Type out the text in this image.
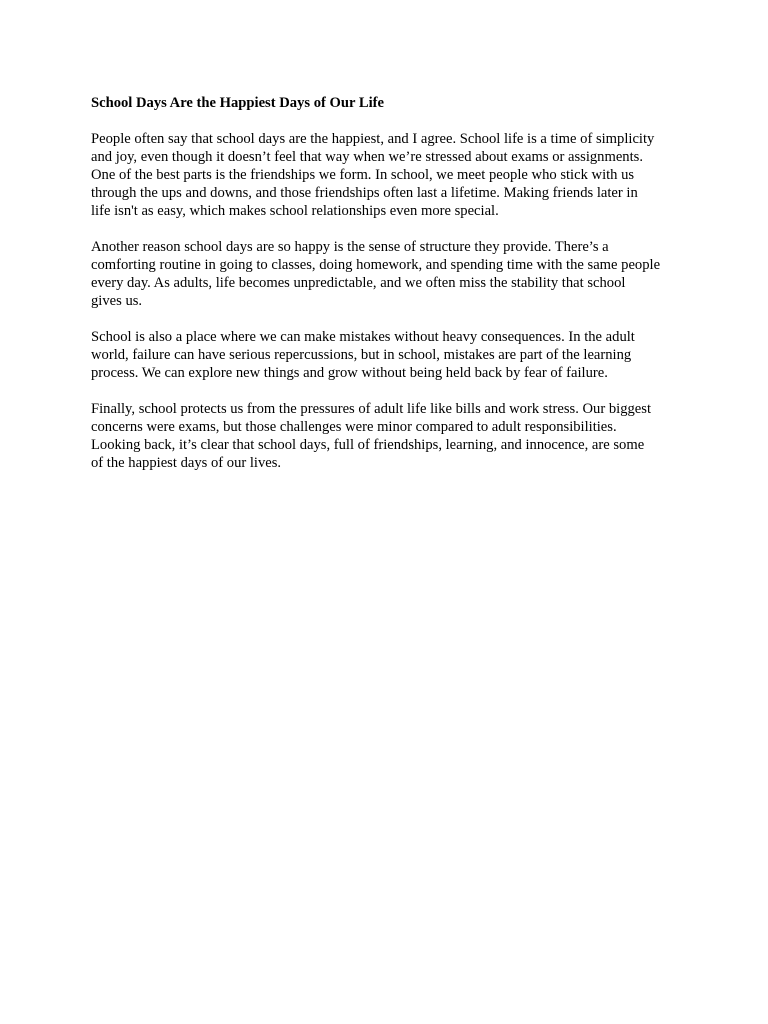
School Days Are the Happiest Days of Our Life
People often say that school days are the happiest, and I agree. School life is a time of simplicity
and joy, even though it doesn’t feel that way when we’re stressed about exams or assignments.
One of the best parts is the friendships we form. In school, we meet people who stick with us
through the ups and downs, and those friendships often last a lifetime. Making friends later in
life isn't as easy, which makes school relationships even more special.
Another reason school days are so happy is the sense of structure they provide. There’s a
comforting routine in going to classes, doing homework, and spending time with the same people
every day. As adults, life becomes unpredictable, and we often miss the stability that school
gives us.
School is also a place where we can make mistakes without heavy consequences. In the adult
world, failure can have serious repercussions, but in school, mistakes are part of the learning
process. We can explore new things and grow without being held back by fear of failure.
Finally, school protects us from the pressures of adult life like bills and work stress. Our biggest
concerns were exams, but those challenges were minor compared to adult responsibilities.
Looking back, it’s clear that school days, full of friendships, learning, and innocence, are some
of the happiest days of our lives.
